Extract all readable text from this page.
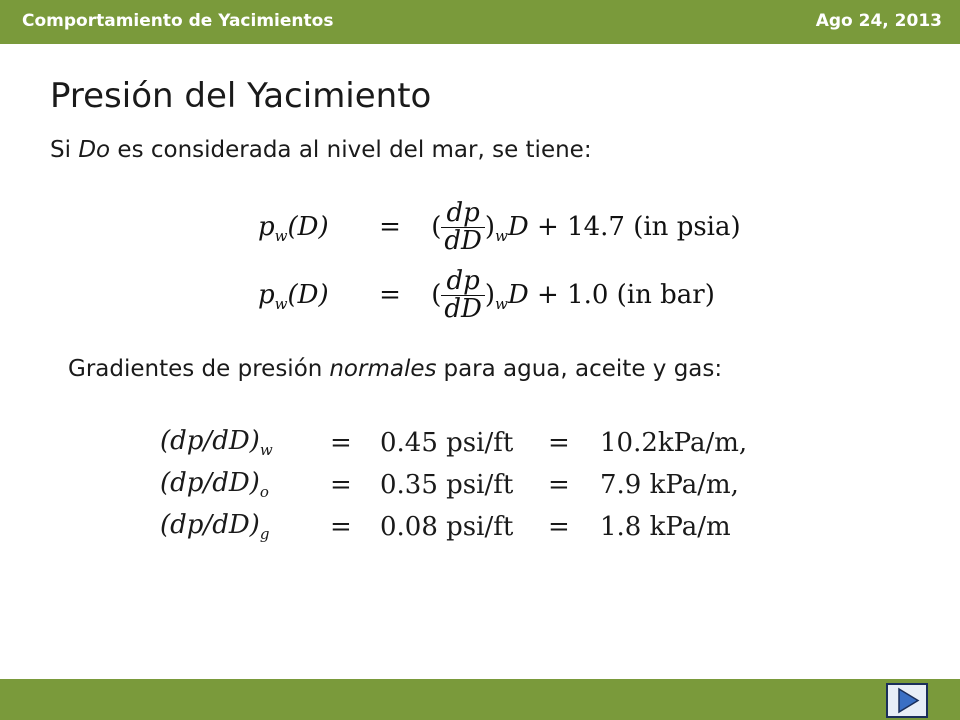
Comportamiento de Yacimientos	Ago 24, 2013
Presión del Yacimiento
Si Do es considerada al nivel del mar, se tiene:
$p_w(D)$ = ( $\frac{dp}{dD} )_wD + 14.7$ (in psia)
$p_w(D)$ = ( $\frac{dp}{dD} )_wD + 1.0$ (in bar)
Gradientes de presión normales para agua, aceite y gas:
$(dp/dD)_w$	=	0.45 psi/ft	=	10.2kPa/m,
$(dp/dD)_o$	=	0.35 psi/ft	=	7.9 kPa/m,
$(dp/dD)_g$	=	0.08 psi/ft	=	1.8 kPa/m
